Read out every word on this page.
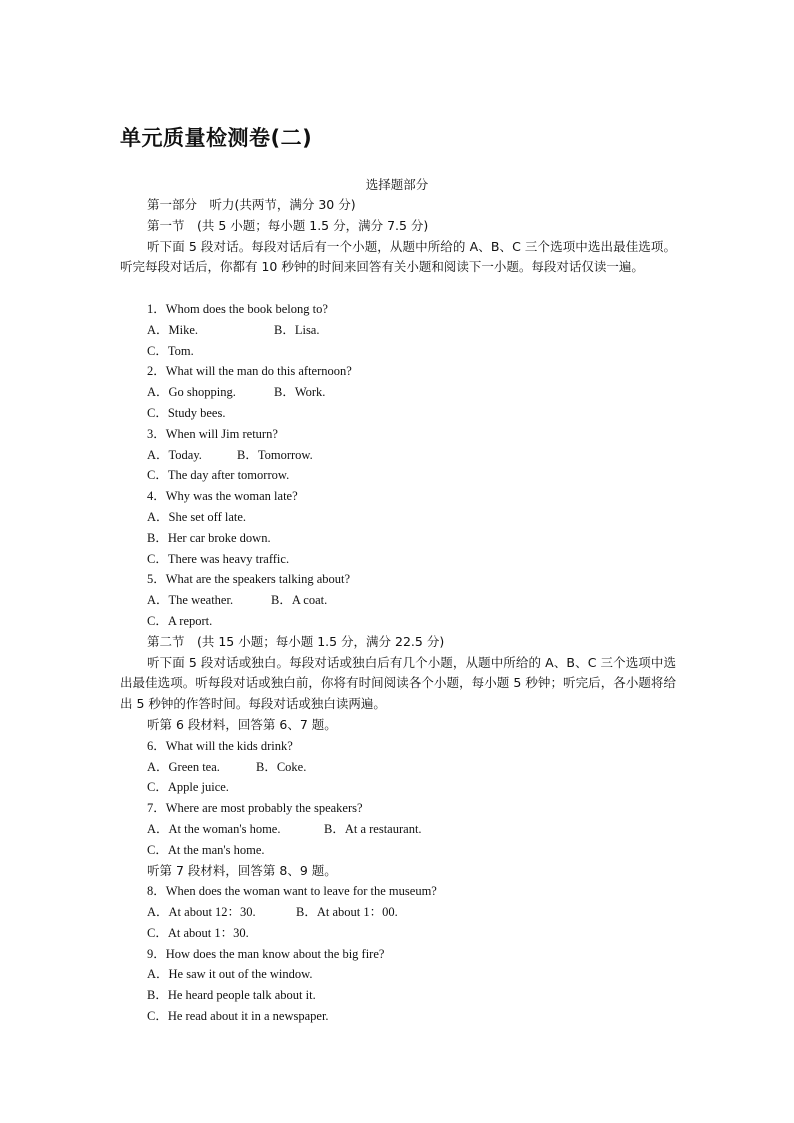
单元质量检测卷(二)
选择题部分
第一部分　听力(共两节，满分 30 分)
第一节　(共 5 小题；每小题 1.5 分，满分 7.5 分)
听下面 5 段对话。每段对话后有一个小题，从题中所给的 A、B、C 三个选项中选出最佳选项。听完每段对话后，你都有 10 秒钟的时间来回答有关小题和阅读下一小题。每段对话仅读一遍。
1．Whom does the book belong to?
A．Mike.	B．Lisa.
C．Tom.
2．What will the man do this afternoon?
A．Go shopping.	B．Work.
C．Study bees.
3．When will Jim return?
A．Today.	B．Tomorrow.
C．The day after tomorrow.
4．Why was the woman late?
A．She set off late.
B．Her car broke down.
C．There was heavy traffic.
5．What are the speakers talking about?
A．The weather.	B．A coat.
C．A report.
第二节　(共 15 小题；每小题 1.5 分，满分 22.5 分)
听下面 5 段对话或独白。每段对话或独白后有几个小题，从题中所给的 A、B、C 三个选项中选出最佳选项。听每段对话或独白前，你将有时间阅读各个小题，每小题 5 秒钟；听完后，各小题将给出 5 秒钟的作答时间。每段对话或独白读两遍。
听第 6 段材料，回答第 6、7 题。
6．What will the kids drink?
A．Green tea.	B．Coke.
C．Apple juice.
7．Where are most probably the speakers?
A．At the woman's home.	B．At a restaurant.
C．At the man's home.
听第 7 段材料，回答第 8、9 题。
8．When does the woman want to leave for the museum?
A．At about 12：30.	B．At about 1：00.
C．At about 1：30.
9．How does the man know about the big fire?
A．He saw it out of the window.
B．He heard people talk about it.
C．He read about it in a newspaper.
